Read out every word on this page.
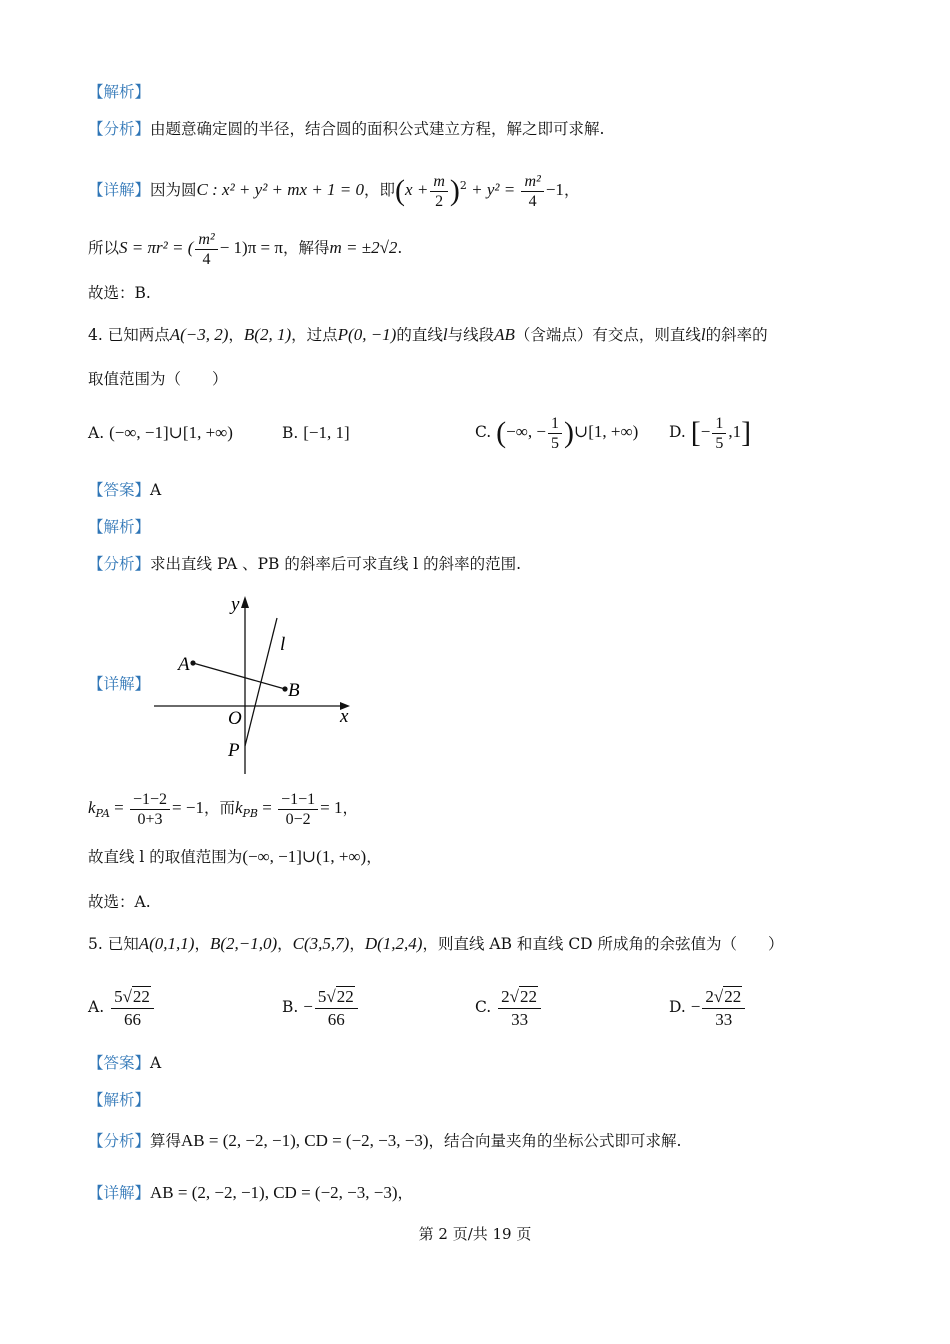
【解析】
【分析】由题意确定圆的半径，结合圆的面积公式建立方程，解之即可求解.
【详解】因为圆C : x² + y² + mx + 1 = 0，即$(x + \frac{m}{2} )^2 + y^2 = \frac{\text{m²}}{4} -1$，
所以S = πr² = ( $\frac{\text{m²}}{4} - 1)\pi = \pi$，解得m = ±2√2.
故选：B.
4. 已知两点A(−3, 2)，B(2, 1)，过点P(0, −1)的直线l与线段AB（含端点）有交点，则直线l的斜率的
取值范围为（　　）
A. (−∞, −1]∪[1, +∞)	B. [−1, 1]	C. (−∞, − $\frac{1}{5}$ )∪[1, +∞) D. [− $\frac{1}{5} ,1$]
【答案】A
【解析】
【分析】求出直线 PA 、PB 的斜率后可求直线 l 的斜率的范围.
【详解】
y
l
A
B
O	x
P
$k_{PA} = \frac{-1-2}{0+3} = -1$，而$k_{PB} = \frac{-1-1}{0-2} = 1$，
故直线 l 的取值范围为(−∞, −1]∪(1, +∞)，
故选：A.
5. 已知A(0,1,1)，B(2,−1,0)，C(3,5,7)，D(1,2,4)，则直线 AB 和直线 CD 所成角的余弦值为（　　）
A. $\frac{5√22}{66}$	B. − $\frac{5√22}{66}$	C. $\frac{2√22}{33}$	D. − $\frac{2√22}{33}$
【答案】A
【解析】
【分析】算得AB = (2, −2, −1), CD = (−2, −3, −3)，结合向量夹角的坐标公式即可求解.
【详解】AB = (2, −2, −1), CD = (−2, −3, −3)，
第 2 页/共 19 页
